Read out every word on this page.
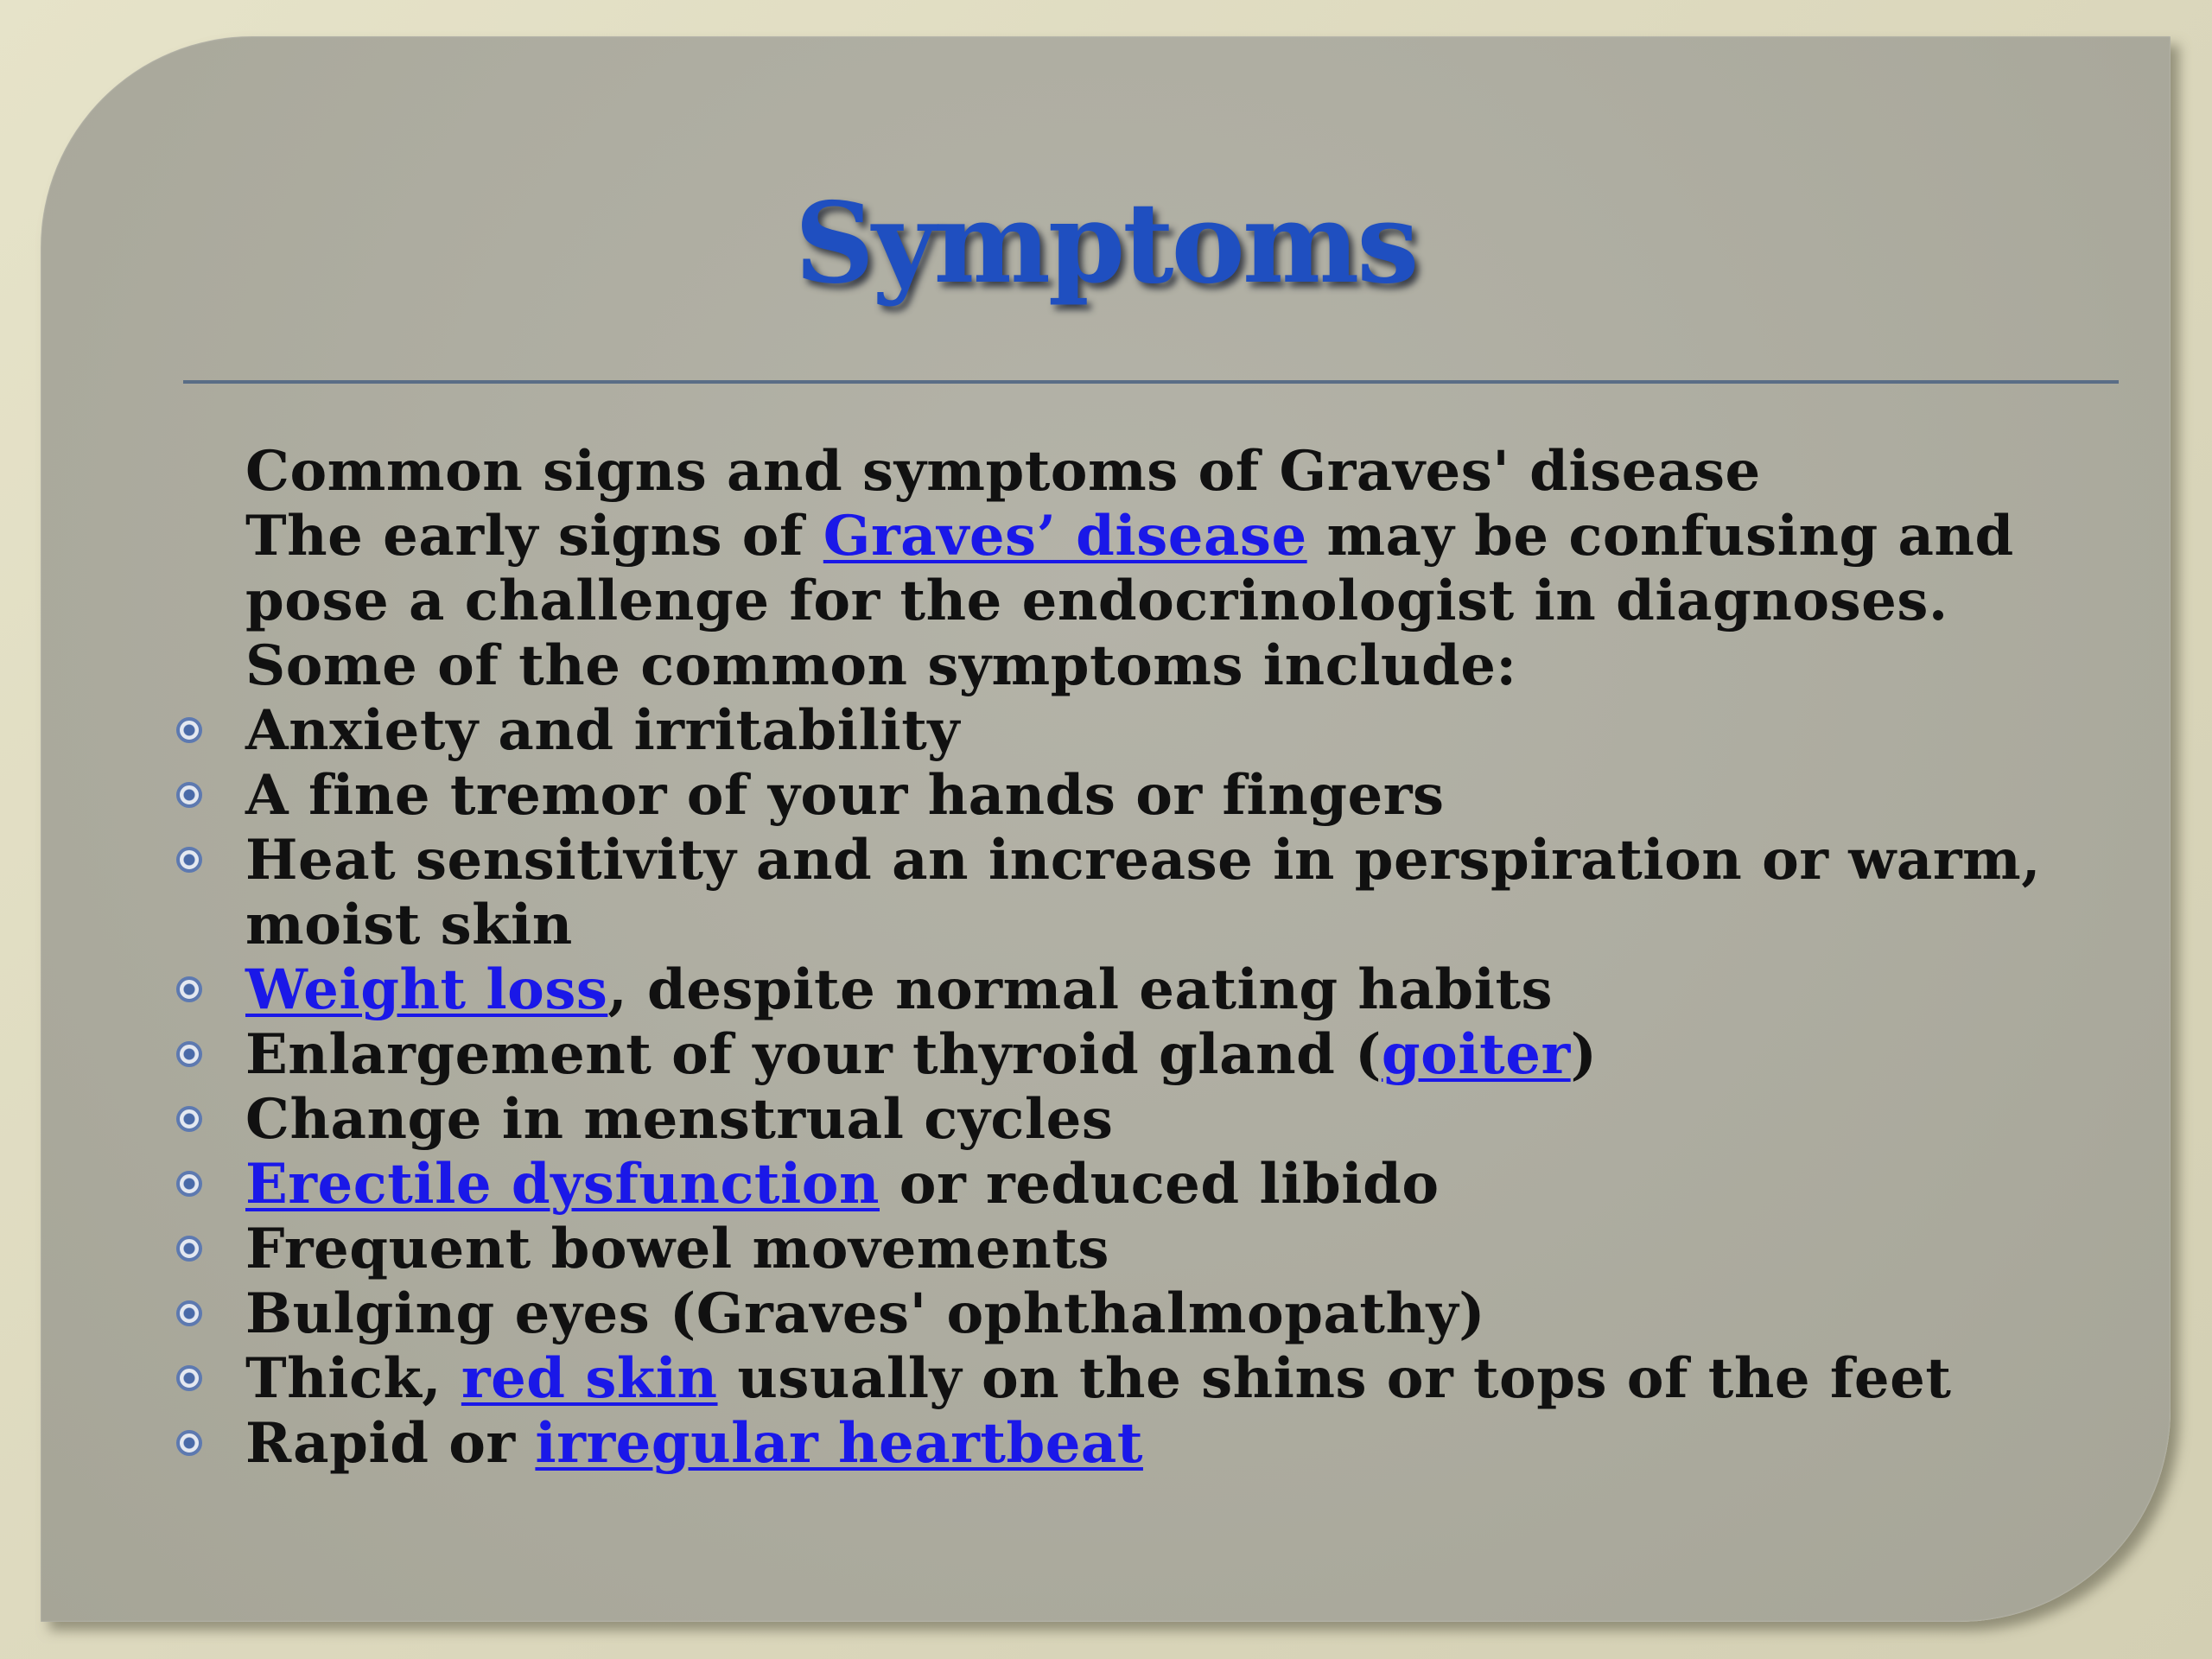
Symptoms

Common signs and symptoms of Graves' disease

The early signs of Graves’ disease may be confusing and pose a challenge for the endocrinologist in diagnoses.

Some of the common symptoms include:

Anxiety and irritability
A fine tremor of your hands or fingers
Heat sensitivity and an increase in perspiration or warm, moist skin
Weight loss, despite normal eating habits
Enlargement of your thyroid gland (goiter)
Change in menstrual cycles
Erectile dysfunction or reduced libido
Frequent bowel movements
Bulging eyes (Graves' ophthalmopathy)
Thick, red skin usually on the shins or tops of the feet
Rapid or irregular heartbeat
